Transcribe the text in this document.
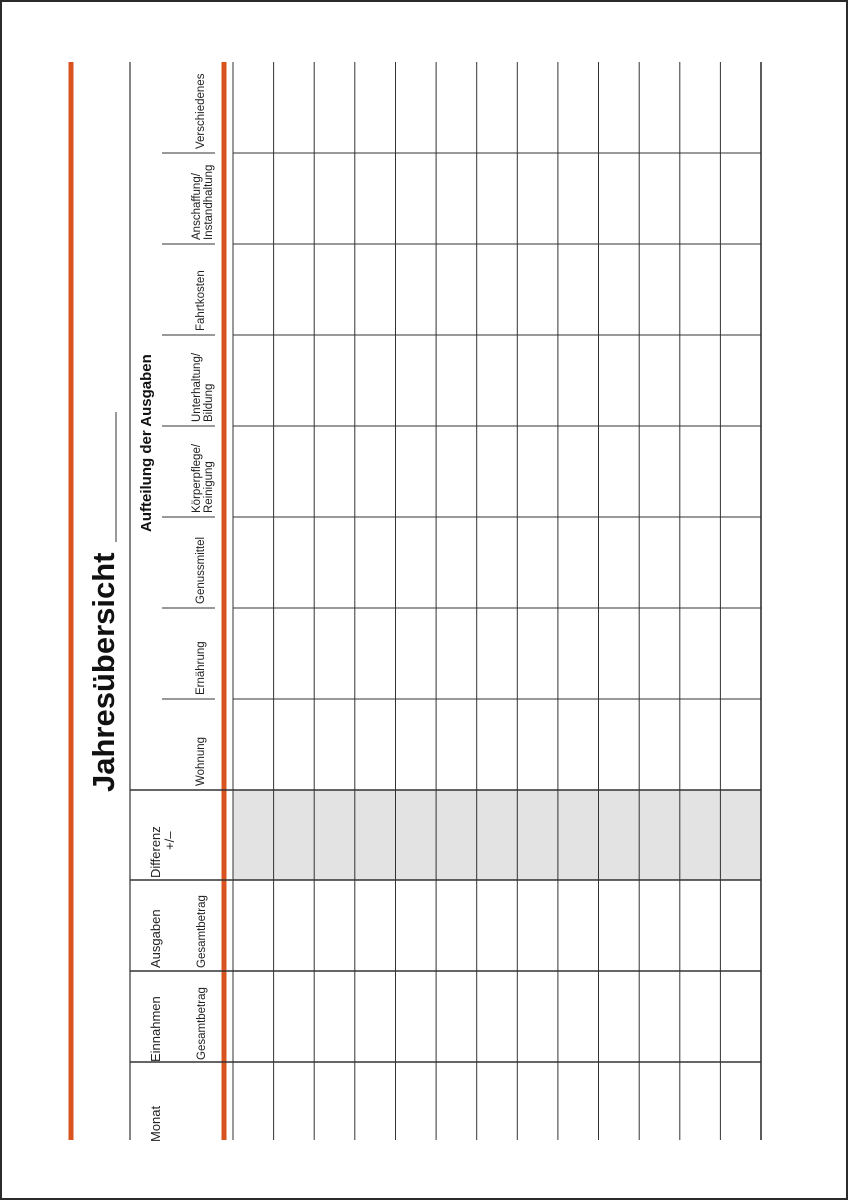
Jahresübersicht
Monat
Einnahmen	Gesamtbetrag
Ausgaben	Gesamtbetrag
Differenz +/–
Aufteilung der Ausgaben
Wohnung
Ernährung
Genussmittel
Körperpflege/ Reinigung
Unterhaltung/ Bildung
Fahrtkosten
Anschaffung/ Instandhaltung
Verschiedenes
